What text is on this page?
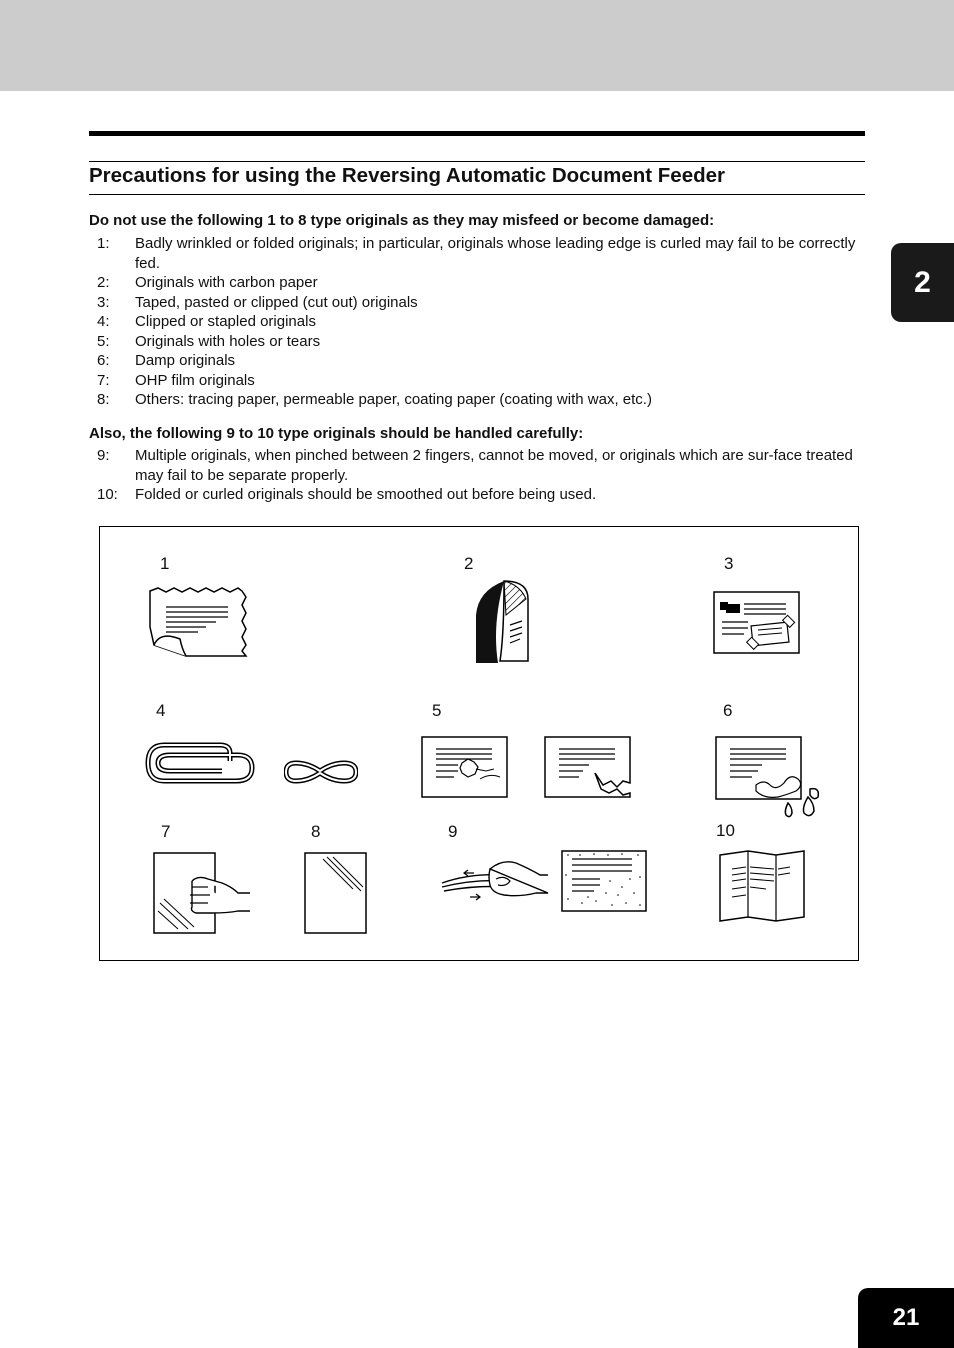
2
Precautions for using the Reversing Automatic Document Feeder

Do not use the following 1 to 8 type originals as they may misfeed or become damaged:

1:	Badly wrinkled or folded originals; in particular, originals whose leading edge is curled may fail to be correctly fed.
2:	Originals with carbon paper
3:	Taped, pasted or clipped (cut out) originals
4:	Clipped or stapled originals
5:	Originals with holes or tears
6:	Damp originals
7:	OHP film originals
8:	Others: tracing paper, permeable paper, coating paper (coating with wax, etc.)

Also, the following 9 to 10 type originals should be handled carefully:

9:	Multiple originals, when pinched between 2 fingers, cannot be moved, or originals which are sur-face treated may fail to be separate properly.
10:	Folded or curled originals should be smoothed out before being used.
1	2	3
4	5	6
7	8	9	10
21
